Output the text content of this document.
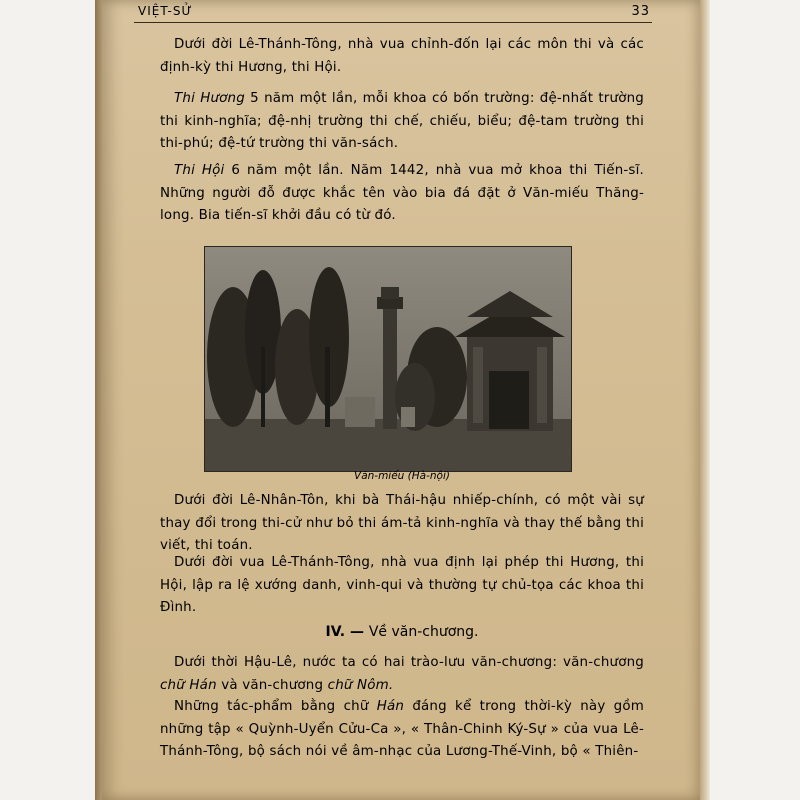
VIỆT-SỬ	33

Dưới đời Lê-Thánh-Tông, nhà vua chỉnh-đốn lại các môn thi và các định-kỳ thi Hương, thi Hội.

Thi Hương 5 năm một lần, mỗi khoa có bốn trường: đệ-nhất trường thi kinh-nghĩa; đệ-nhị trường thi chế, chiếu, biểu; đệ-tam trường thi thi-phú; đệ-tứ trường thi văn-sách.

Thi Hội 6 năm một lần. Năm 1442, nhà vua mở khoa thi Tiến-sĩ. Những người đỗ được khắc tên vào bia đá đặt ở Văn-miếu Thăng-long. Bia tiến-sĩ khởi đầu có từ đó.

Văn-miếu (Hà-nội)

Dưới đời Lê-Nhân-Tôn, khi bà Thái-hậu nhiếp-chính, có một vài sự thay đổi trong thi-cử như bỏ thi ám-tả kinh-nghĩa và thay thế bằng thi viết, thi toán.

Dưới đời vua Lê-Thánh-Tông, nhà vua định lại phép thi Hương, thi Hội, lập ra lệ xướng danh, vinh-qui và thường tự chủ-tọa các khoa thi Đình.

IV. — Về văn-chương.

Dưới thời Hậu-Lê, nước ta có hai trào-lưu văn-chương: văn-chương chữ Hán và văn-chương chữ Nôm.

Những tác-phẩm bằng chữ Hán đáng kể trong thời-kỳ này gồm những tập « Quỳnh-Uyển Cửu-Ca », « Thân-Chinh Ký-Sự » của vua Lê-Thánh-Tông, bộ sách nói về âm-nhạc của Lương-Thế-Vinh, bộ « Thiên-
